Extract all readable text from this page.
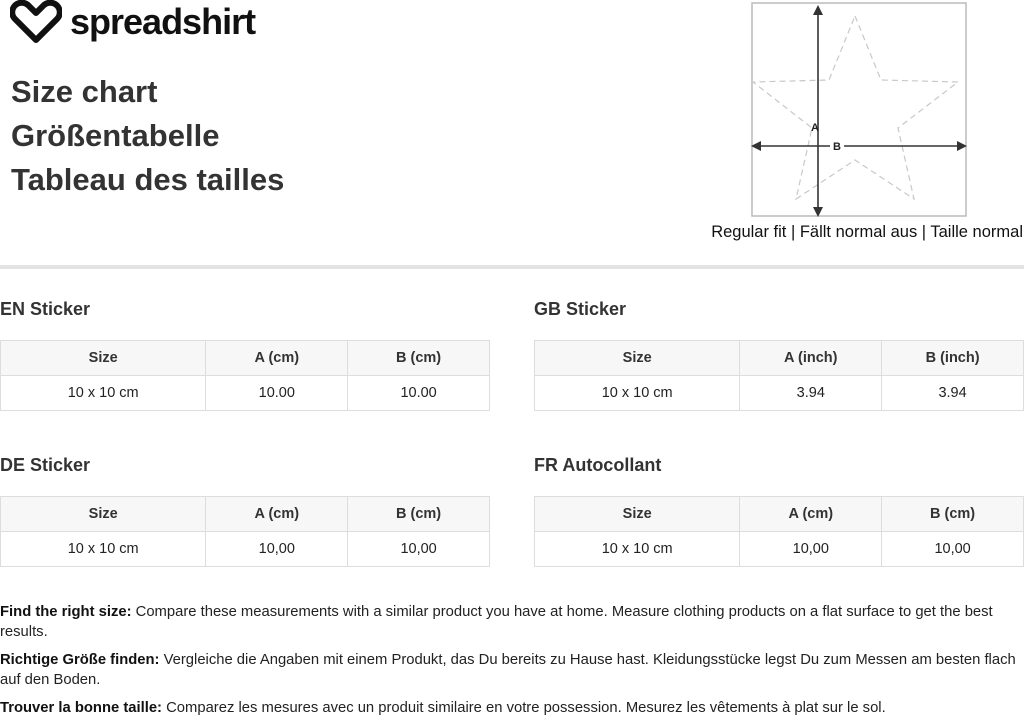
spreadshirt
Size chart
Größentabelle
Tableau des tailles
A
B
Regular fit | Fällt normal aus | Taille normal
EN Sticker
Size	A (cm)	B (cm)
10 x 10 cm	10.00	10.00
GB Sticker
Size	A (inch)	B (inch)
10 x 10 cm	3.94	3.94
DE Sticker
Size	A (cm)	B (cm)
10 x 10 cm	10,00	10,00
FR Autocollant
Size	A (cm)	B (cm)
10 x 10 cm	10,00	10,00

Find the right size: Compare these measurements with a similar product you have at home. Measure clothing products on a flat surface to get the best results.

Richtige Größe finden: Vergleiche die Angaben mit einem Produkt, das Du bereits zu Hause hast. Kleidungsstücke legst Du zum Messen am besten flach auf den Boden.

Trouver la bonne taille: Comparez les mesures avec un produit similaire en votre possession. Mesurez les vêtements à plat sur le sol.
